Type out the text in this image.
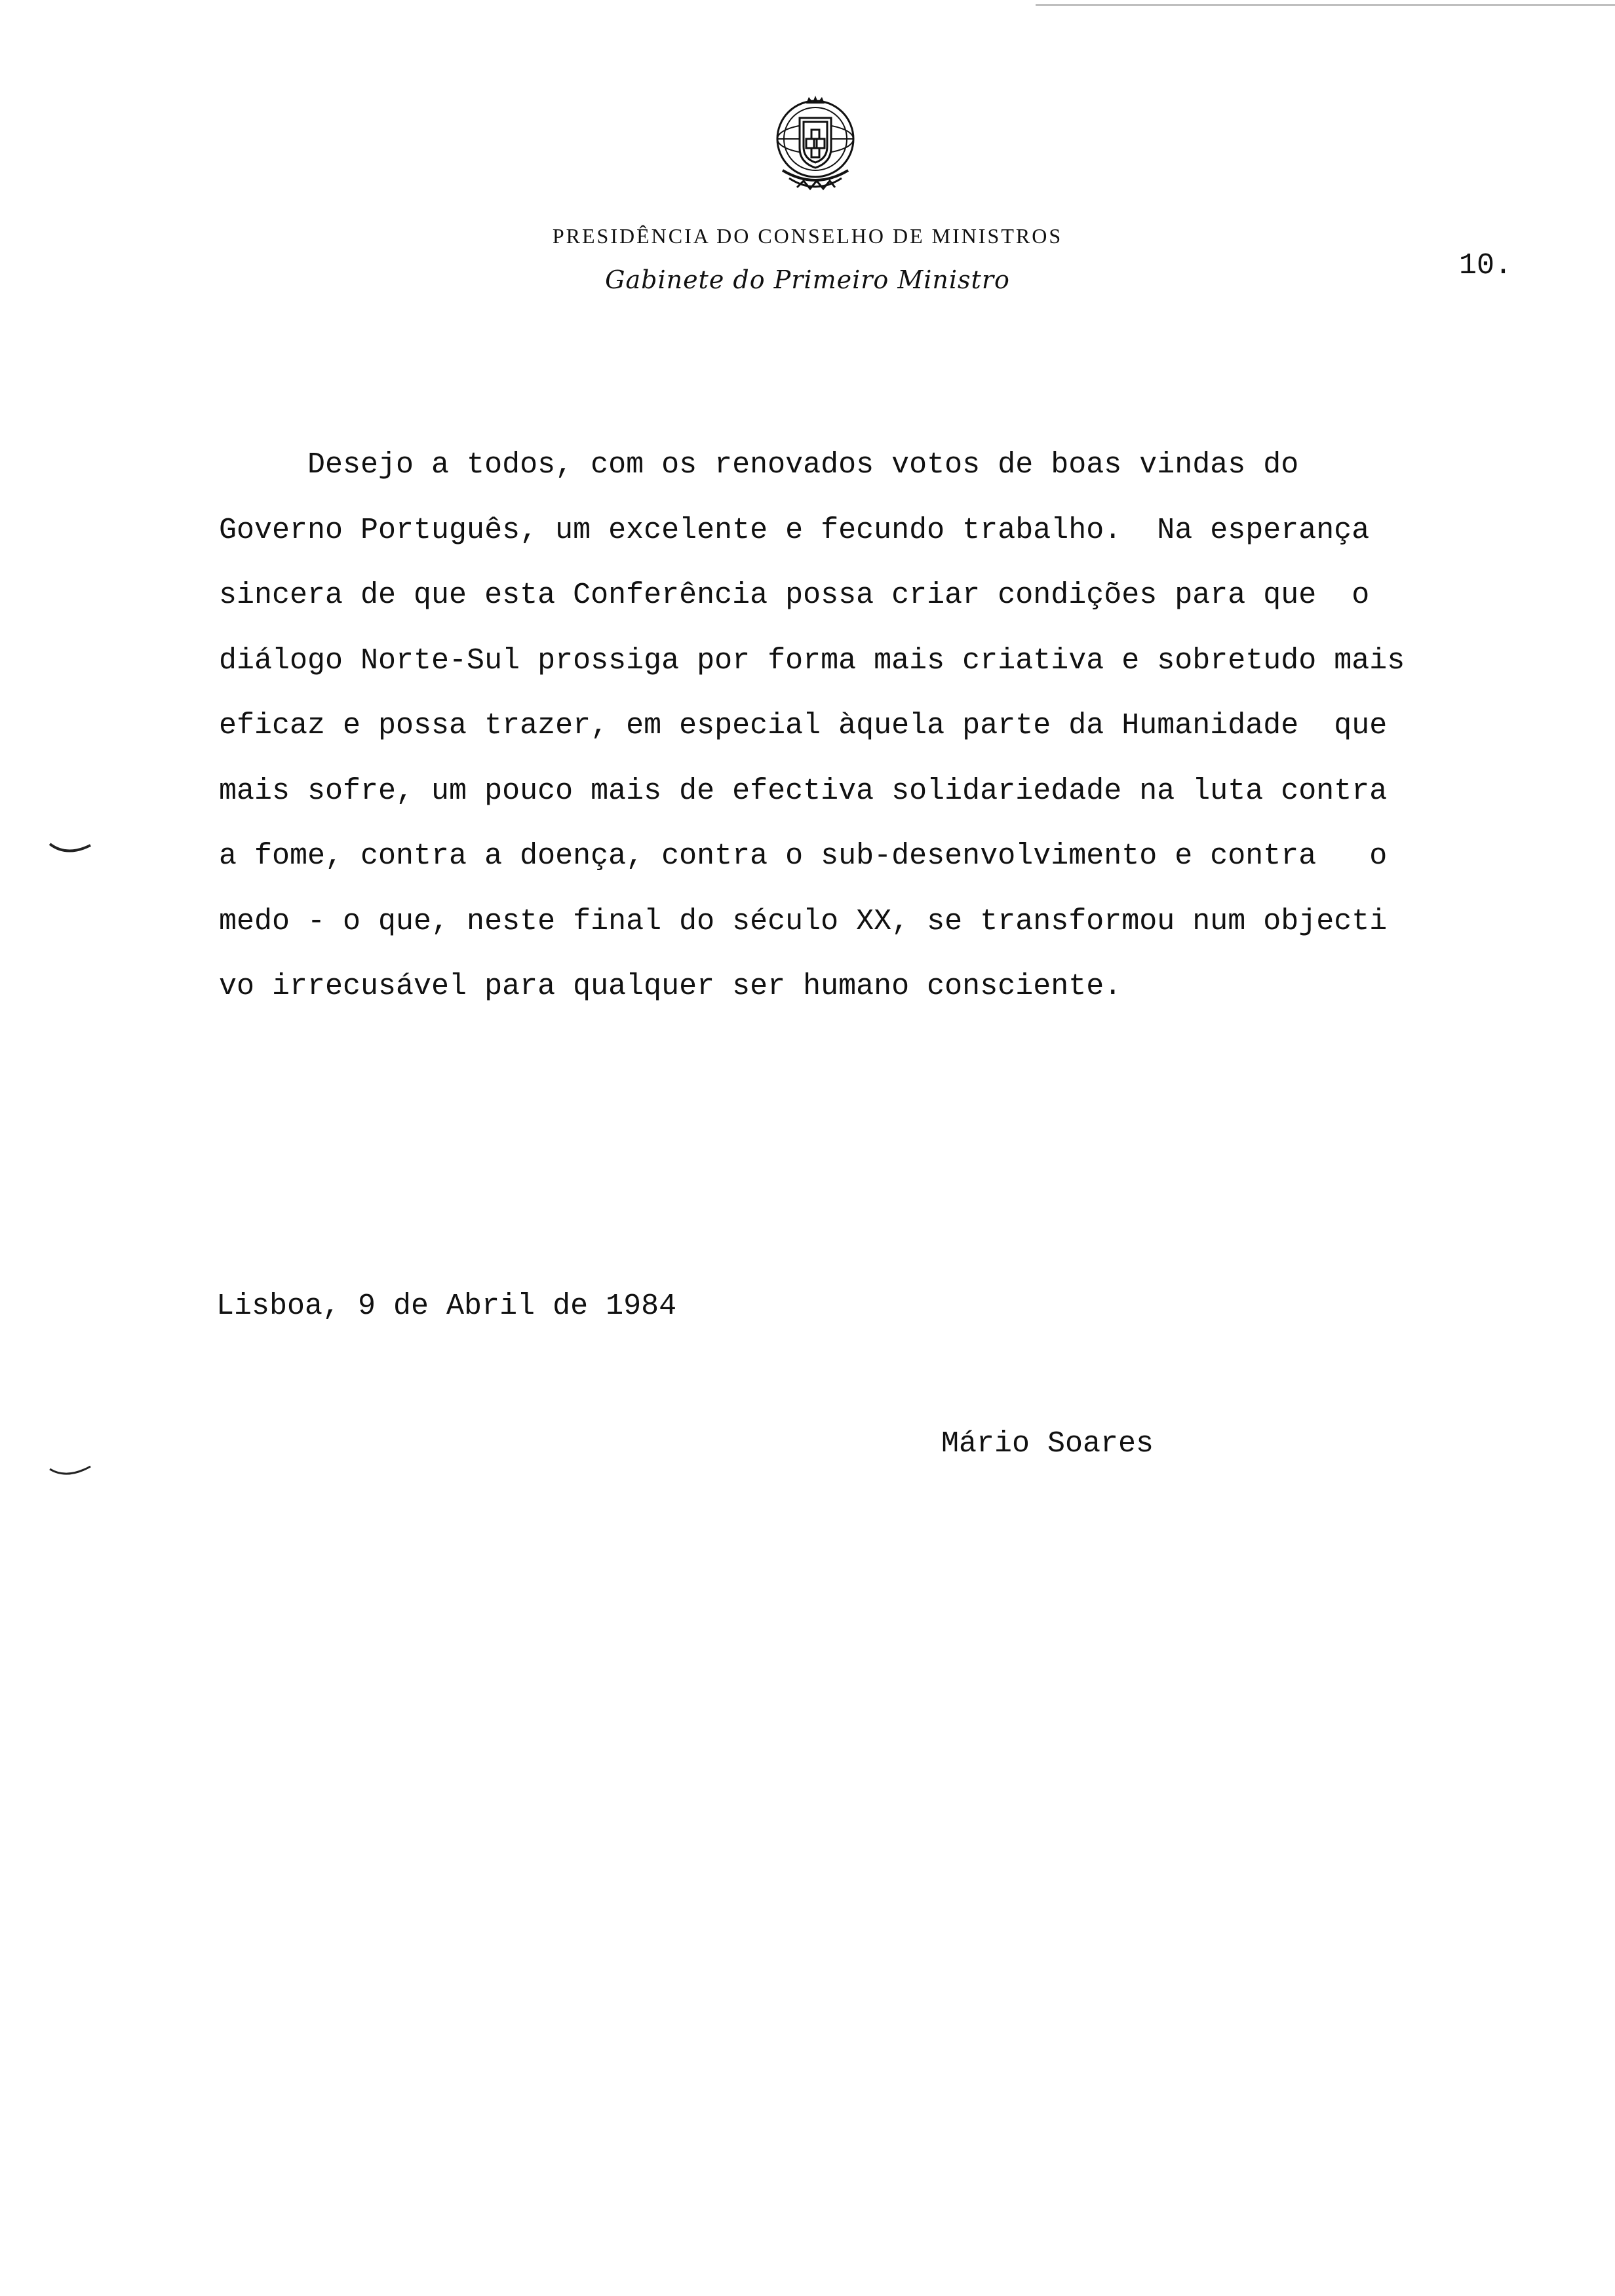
PRESIDÊNCIA DO CONSELHO DE MINISTROS
Gabinete do Primeiro Ministro	10.
Desejo a todos, com os renovados votos de boas vindas do
Governo Português, um excelente e fecundo trabalho.  Na esperança
sincera de que esta Conferência possa criar condições para que  o
diálogo Norte-Sul prossiga por forma mais criativa e sobretudo mais
eficaz e possa trazer, em especial àquela parte da Humanidade  que
mais sofre, um pouco mais de efectiva solidariedade na luta contra
a fome, contra a doença, contra o sub-desenvolvimento e contra   o
medo - o que, neste final do século XX, se transformou num objecti
vo irrecusável para qualquer ser humano consciente.
Lisboa, 9 de Abril de 1984
Mário Soares
